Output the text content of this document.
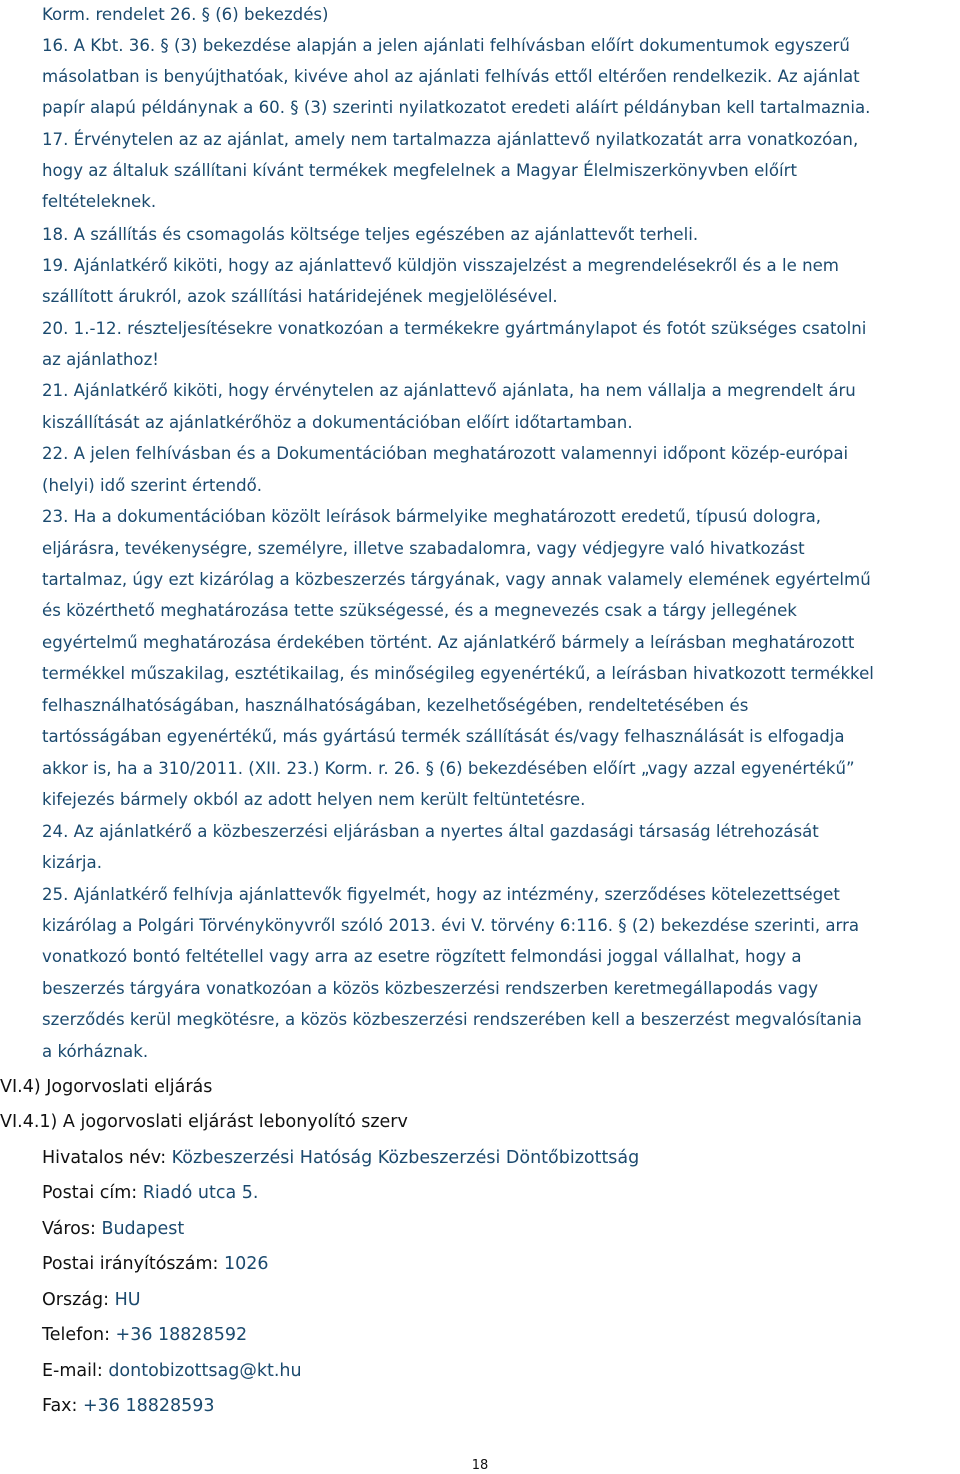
Korm. rendelet 26. § (6) bekezdés)
16. A Kbt. 36. § (3) bekezdése alapján a jelen ajánlati felhívásban előírt dokumentumok egyszerű
másolatban is benyújthatóak, kivéve ahol az ajánlati felhívás ettől eltérően rendelkezik. Az ajánlat
papír alapú példánynak a 60. § (3) szerinti nyilatkozatot eredeti aláírt példányban kell tartalmaznia.
17. Érvénytelen az az ajánlat, amely nem tartalmazza ajánlattevő nyilatkozatát arra vonatkozóan,
hogy az általuk szállítani kívánt termékek megfelelnek a Magyar Élelmiszerkönyvben előírt
feltételeknek.
18. A szállítás és csomagolás költsége teljes egészében az ajánlattevőt terheli.
19. Ajánlatkérő kiköti, hogy az ajánlattevő küldjön visszajelzést a megrendelésekről és a le nem
szállított árukról, azok szállítási határidejének megjelölésével.
20. 1.-12. részteljesítésekre vonatkozóan a termékekre gyártmánylapot és fotót szükséges csatolni
az ajánlathoz!
21. Ajánlatkérő kiköti, hogy érvénytelen az ajánlattevő ajánlata, ha nem vállalja a megrendelt áru
kiszállítását az ajánlatkérőhöz a dokumentációban előírt időtartamban.
22. A jelen felhívásban és a Dokumentációban meghatározott valamennyi időpont közép-európai
(helyi) idő szerint értendő.
23. Ha a dokumentációban közölt leírások bármelyike meghatározott eredetű, típusú dologra,
eljárásra, tevékenységre, személyre, illetve szabadalomra, vagy védjegyre való hivatkozást
tartalmaz, úgy ezt kizárólag a közbeszerzés tárgyának, vagy annak valamely elemének egyértelmű
és közérthető meghatározása tette szükségessé, és a megnevezés csak a tárgy jellegének
egyértelmű meghatározása érdekében történt. Az ajánlatkérő bármely a leírásban meghatározott
termékkel műszakilag, esztétikailag, és minőségileg egyenértékű, a leírásban hivatkozott termékkel
felhasználhatóságában, használhatóságában, kezelhetőségében, rendeltetésében és
tartósságában egyenértékű, más gyártású termék szállítását és/vagy felhasználását is elfogadja
akkor is, ha a 310/2011. (XII. 23.) Korm. r. 26. § (6) bekezdésében előírt „vagy azzal egyenértékű”
kifejezés bármely okból az adott helyen nem került feltüntetésre.
24. Az ajánlatkérő a közbeszerzési eljárásban a nyertes által gazdasági társaság létrehozását
kizárja.
25. Ajánlatkérő felhívja ajánlattevők figyelmét, hogy az intézmény, szerződéses kötelezettséget
kizárólag a Polgári Törvénykönyvről szóló 2013. évi V. törvény 6:116. § (2) bekezdése szerinti, arra
vonatkozó bontó feltétellel vagy arra az esetre rögzített felmondási joggal vállalhat, hogy a
beszerzés tárgyára vonatkozóan a közös közbeszerzési rendszerben keretmegállapodás vagy
szerződés kerül megkötésre, a közös közbeszerzési rendszerében kell a beszerzést megvalósítania
a kórháznak.
VI.4) Jogorvoslati eljárás
VI.4.1) A jogorvoslati eljárást lebonyolító szerv
Hivatalos név: Közbeszerzési Hatóság Közbeszerzési Döntőbizottság
Postai cím: Riadó utca 5.
Város: Budapest
Postai irányítószám: 1026
Ország: HU
Telefon: +36 18828592
E-mail: dontobizottsag@kt.hu
Fax: +36 18828593
18
